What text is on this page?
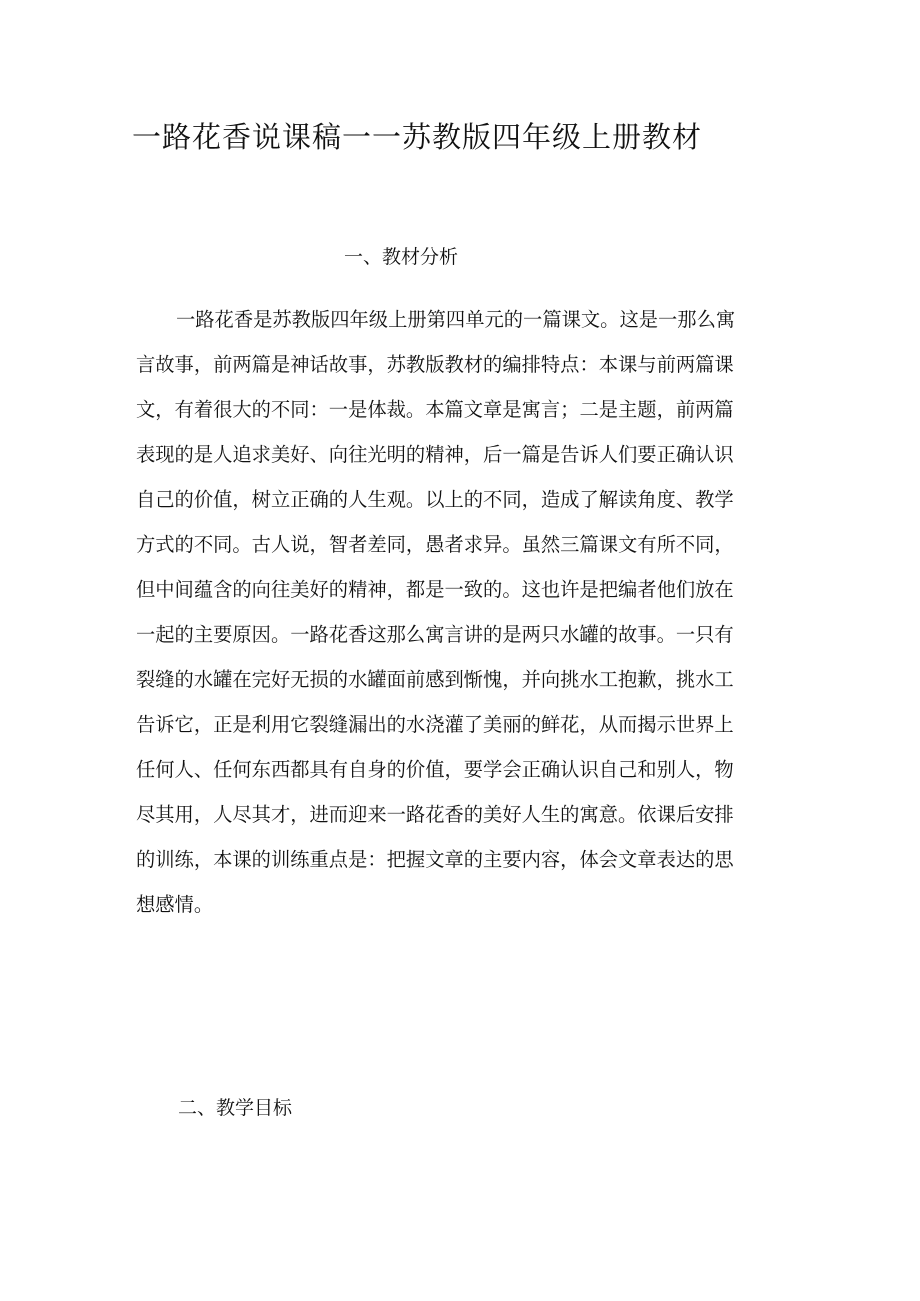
一路花香说课稿一一苏教版四年级上册教材
一、教材分析
一路花香是苏教版四年级上册第四单元的一篇课文。这是一那么寓
言故事，前两篇是神话故事，苏教版教材的编排特点：本课与前两篇课
文，有着很大的不同：一是体裁。本篇文章是寓言；二是主题，前两篇
表现的是人追求美好、向往光明的精神，后一篇是告诉人们要正确认识
自己的价值，树立正确的人生观。以上的不同，造成了解读角度、教学
方式的不同。古人说，智者差同，愚者求异。虽然三篇课文有所不同，
但中间蕴含的向往美好的精神，都是一致的。这也许是把编者他们放在
一起的主要原因。一路花香这那么寓言讲的是两只水罐的故事。一只有
裂缝的水罐在完好无损的水罐面前感到惭愧，并向挑水工抱歉，挑水工
告诉它，正是利用它裂缝漏出的水浇灌了美丽的鲜花，从而揭示世界上
任何人、任何东西都具有自身的价值，要学会正确认识自己和别人，物
尽其用，人尽其才，进而迎来一路花香的美好人生的寓意。依课后安排
的训练，本课的训练重点是：把握文章的主要内容，体会文章表达的思
想感情。
二、教学目标
